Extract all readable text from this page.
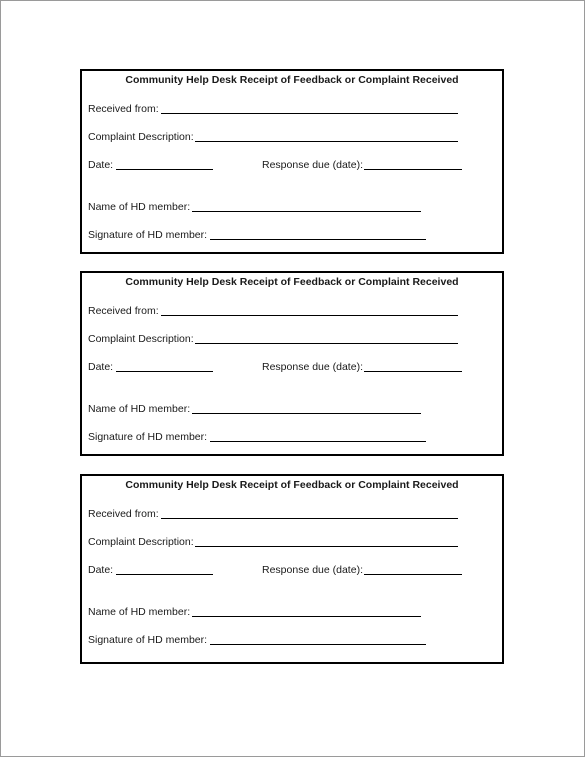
Community Help Desk Receipt of Feedback or Complaint Received
Received from:
Complaint Description:
Date:	Response due (date):
Name of HD member:
Signature of HD member:
Community Help Desk Receipt of Feedback or Complaint Received
Received from:
Complaint Description:
Date:	Response due (date):
Name of HD member:
Signature of HD member:
Community Help Desk Receipt of Feedback or Complaint Received
Received from:
Complaint Description:
Date:	Response due (date):
Name of HD member:
Signature of HD member:
